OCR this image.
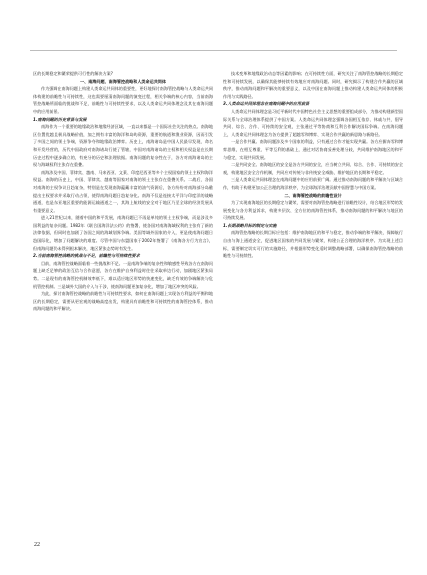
区的长期稳定和繁荣提供可行性的解决方案?
一、南海问题、南海管控战略和人类命运共同体
作为强调在南海问题上构建人类命运共同体的重要性，更好地探讨南海管控战略与人类命运共同体构建的前瞻性与可持续性，这也需要厘清南海问题的演变过程，相关争端的核心内容，当前南海管控战略所面临的挑战和不足，前瞻性与可持续性要求，以及人类命运共同体理念及其在南海问题中的应用前景。
1.南海问题的历史背景与发展
南海作为一个重要的地缘政治和地缘经济区域，一直以来都是一个国际社会关注的热点。南海地区位置优越且极具战略价值，加之拥有丰富的海洋和岛屿资源，重要的航道和渔业资源，因而引发了多国之间的领土争端，资源争夺和地缘政治博弈。历史上，南海诸岛是中国人民最早发现、命名和开发经营的，历代中国政府对南海诸岛行使了管辖，中国对南海诸岛的主权和相关权益是在长期历史过程中逐步确立的，有充分的历史和法理依据。南海问题的复杂性在于，各方对南海诸岛的主权与海域权利主张存在重叠。
南海涉及中国、菲律宾、越南、马来西亚、文莱、印度尼西亚等多个主权国家的领土主权和海洋权益。南海的历史上，中国、菲律宾、越南等国家对南海的领土主张存在重叠关系。二战后，各国对南海的主权争议日趋复杂，特别是在发现南海蕴藏丰富的油气资源后，各方纷纷对南海部分岛礁提出主权要求并采取行动占领，使得南海问题日趋复杂化。南海不仅是连接太平洋与印度洋的战略通道，也是东亚地区重要的能源运输通道之一，其海上航线的安全对于地区乃至全球的经济发展具有重要意义。
进入21世纪以来，随着中国的和平发展，南海问题已不再是单纯的领土主权争端，而是涉及多国利益的复杂问题。1982年《联合国海洋法公约》的签署，使各国对南海海域权利的主张有了新的法律依据，但同时也加剧了各国之间的海域划界争端。美国等域外国家的介入，更是使南海问题日趋国际化，增加了问题解决的难度。尽管中国与东盟国家于2002年签署了《南海各方行为宣言》，但南海问题仍未得到根本解决，地区紧张态势时有发生。
2.当前南海管控战略的挑战与不足，前瞻性与可持续性要求
目前，南海管控战略面临着一些挑战和不足。一是南海争端的复杂性和敏感性导致各方在南海问题上缺乏足够的政治互信与合作意愿，各方在维护自身利益时往往采取单边行动，加剧地区紧张局势。二是现有的南海管控机制效率低下，难以适应地区形势的快速变化，缺乏有效的争端解决与危机管控机制。三是域外大国的介入与干涉，使南海问题更加复杂化，增加了地区冲突的风险。
为此，探讨南海管控战略的前瞻性与可持续性要求，如何在南海问题上实现各方利益的平衡和地区的长期稳定，需要从更宏观的战略高度出发，构建具有前瞻性和可持续性的南海管控体系，推动南海问题的和平解决。
技术变革和地缘政治动态等因素的影响；在可持续性方面，研究关注了南海管控战略的长期稳定性和可持续发展，以确保其能够持续有效地应对南海问题。同时，研究揭示了构建合作共赢的区域秩序，推动南海问题和平解决的重要意义，以及中国在南海问题上推动构建人类命运共同体的积极作用与实践路径。
3.人类命运共同体理念在南海问题中的应用前景
人类命运共同体理念是习近平新时代中国特色社会主义思想的重要组成部分，为推动构建新型国际关系与全球治理体系提供了中国方案。人类命运共同体理念强调各国相互依存、休戚与共，倡导共同、综合、合作、可持续的安全观，主张通过平等协商和互利合作解决国际争端。在南海问题上，人类命运共同体理念为各方提供了超越零和博弈、实现合作共赢的新思路与新路径。
一是合作共赢。南海问题涉及多个国家的利益，只有通过合作才能实现共赢。各方应摒弃零和博弈思维，在相互尊重、平等互利的基础上，通过对话协商妥善处理分歧，共同维护南海地区的和平与稳定，实现共同发展。
二是共同安全。南海地区的安全是各方共同的安全，应当树立共同、综合、合作、可持续的安全观，构建地区安全合作机制，共同应对传统与非传统安全威胁，维护地区的长期和平稳定。
三是人类命运共同体理念在南海问题中的应用前景广阔。通过推动南海问题的和平解决与区域合作，有助于构建更加公正合理的海洋秩序，为全球海洋治理贡献中国智慧与中国方案。
二、南海管控战略的前瞻性设计
为了实现南海地区的长期稳定与繁荣，需要对南海管控战略进行前瞻性设计，结合地区形势的发展变化与各方利益诉求，构建多层次、全方位的南海管控体系，推动南海问题的和平解决与地区的可持续发展。
1.长期战略目标的制定与实施
南海管控战略的长期目标应包括：维护南海地区的和平与稳定，推动争端的和平解决，保障航行自由与海上通道安全，促进地区国家的共同发展与繁荣，构建公正合理的海洋秩序。为实现上述目标，需要制定切实可行的实施路径，并根据形势变化适时调整战略部署，以确保南海管控战略的前瞻性与可持续性。
22
